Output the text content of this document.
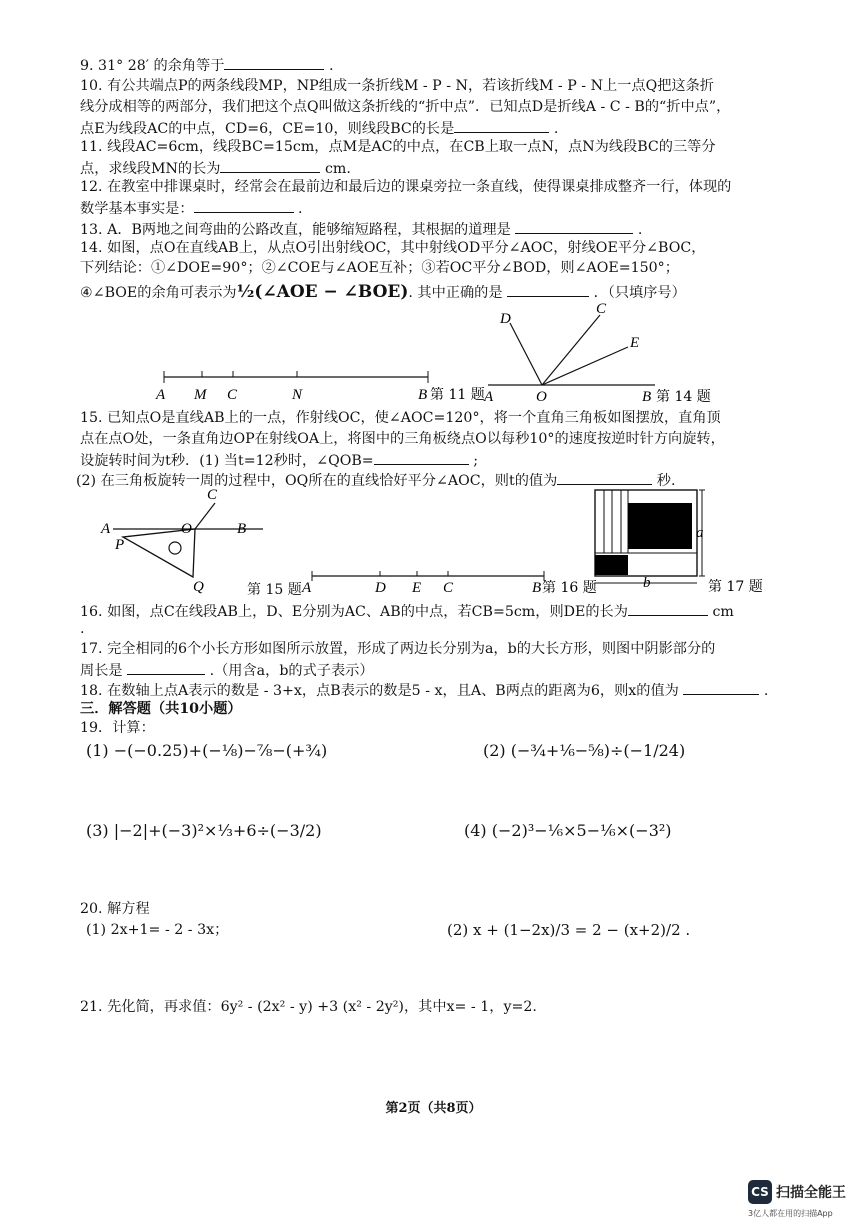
9. 31° 28′ 的余角等于	.
10. 有公共端点P的两条线段MP，NP组成一条折线M - P - N，若该折线M - P - N上一点Q把这条折
线分成相等的两部分，我们把这个点Q叫做这条折线的“折中点”．已知点D是折线A - C - B的“折中点”，
点E为线段AC的中点，CD=6，CE=10，则线段BC的长是	.
11. 线段AC=6cm，线段BC=15cm，点M是AC的中点，在CB上取一点N，点N为线段BC的三等分
点，求线段MN的长为	cm.
12. 在教室中排课桌时，经常会在最前边和最后边的课桌旁拉一条直线，使得课桌排成整齐一行，体现的
数学基本事实是：	.
13. A．B两地之间弯曲的公路改直，能够缩短路程，其根据的道理是	.
14. 如图，点O在直线AB上，从点O引出射线OC，其中射线OD平分∠AOC，射线OE平分∠BOC，
下列结论：①∠DOE=90°；②∠COE与∠AOE互补；③若OC平分∠BOD，则∠AOE=150°；
④∠BOE的余角可表示为½(∠AOE − ∠BOE). 其中正确的是	．（只填序号）
A M C	N	B 第 11 题 A	O	B
D
C
E
第 14 题
15. 已知点O是直线AB上的一点，作射线OC，使∠AOC=120°，将一个直角三角板如图摆放，直角顶
点在点O处，一条直角边OP在射线OA上，将图中的三角板绕点O以每秒10°的速度按逆时针方向旋转，
设旋转时间为t秒．(1) 当t=12秒时，∠QOB=	;
(2) 在三角板旋转一周的过程中，OQ所在的直线恰好平分∠AOC，则t的值为	秒.
C
A	O	B
P
Q	第 15 题 A	D E C	B 第 16 题
a
b	第 17 题
16. 如图，点C在线段AB上，D、E分别为AC、AB的中点，若CB=5cm，则DE的长为	cm
.
17. 完全相同的6个小长方形如图所示放置，形成了两边长分别为a，b的大长方形，则图中阴影部分的
周长是	.（用含a，b的式子表示）
18. 在数轴上点A表示的数是 - 3+x，点B表示的数是5 - x，且A、B两点的距离为6，则x的值为	.
三．解答题（共10小题）
19．计算：
(1) −(−0.25)+(−⅛)−⅞−(+¾)	(2) (−¾+⅙−⅝)÷(−1/24)
(3) |−2|+(−3)²×⅓+6÷(−3/2)	(4) (−2)³−⅙×5−⅙×(−3²)
20. 解方程
(1) 2x+1= - 2 - 3x；	(2) x + (1−2x)/3 = 2 − (x+2)/2 .
21. 先化简，再求值：6y² - (2x² - y) +3 (x² - 2y²)，其中x= - 1，y=2.
第2页（共8页）
CS 扫描全能王
3亿人都在用的扫描App
